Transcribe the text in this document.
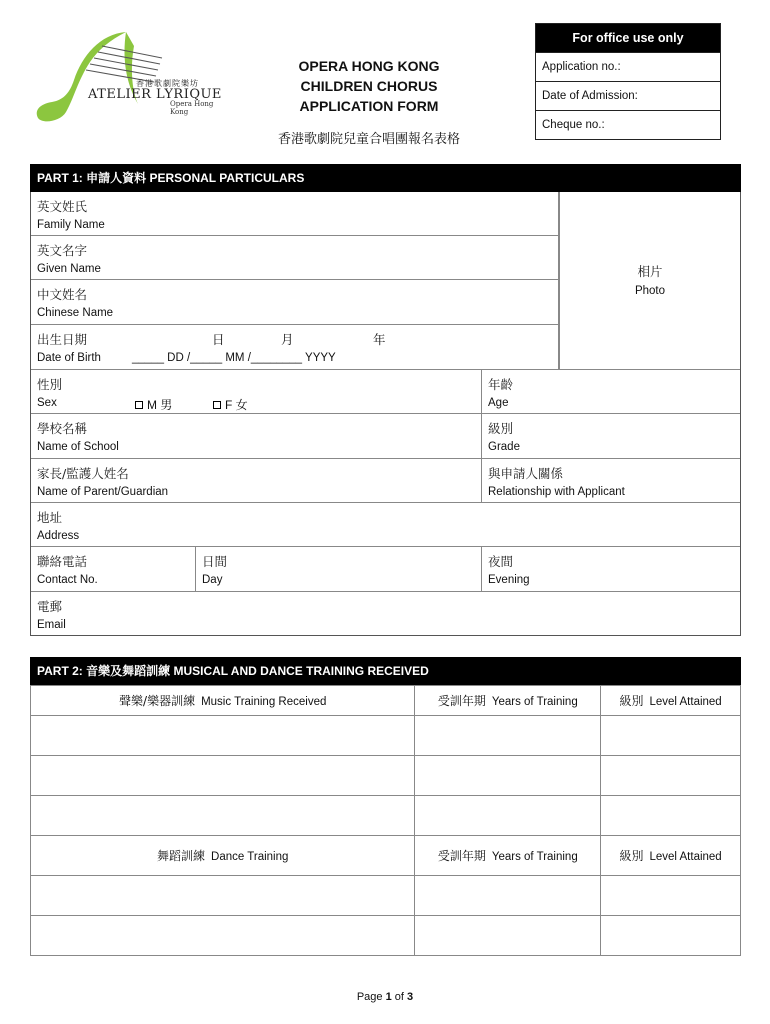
香港歌劇院樂坊
ATELIER LYRIQUE
Opera Hong Kong
OPERA HONG KONG
CHILDREN CHORUS
APPLICATION FORM
香港歌劇院兒童合唱團報名表格
For office use only
Application no.:
Date of Admission:
Cheque no.:
PART 1: 申請人資料 PERSONAL PARTICULARS
英文姓氏
Family Name
英文名字
Given Name
中文姓名
Chinese Name
出生日期	日	月	年
Date of Birth	_____ DD /_____ MM /________ YYYY
相片
Photo
性別
Sex	M 男	F 女
年齡
Age
學校名稱
Name of School
級別
Grade
家長/監護人姓名
Name of Parent/Guardian
與申請人關係
Relationship with Applicant
地址
Address
聯絡電話
Contact No.
日間
Day
夜間
Evening
電郵
Email
PART 2: 音樂及舞蹈訓練 MUSICAL AND DANCE TRAINING RECEIVED
聲樂/樂器訓練 Music Training Received	受訓年期 Years of Training	級別 Level Attained

舞蹈訓練 Dance Training	受訓年期 Years of Training	級別 Level Attained

Page 1 of 3
